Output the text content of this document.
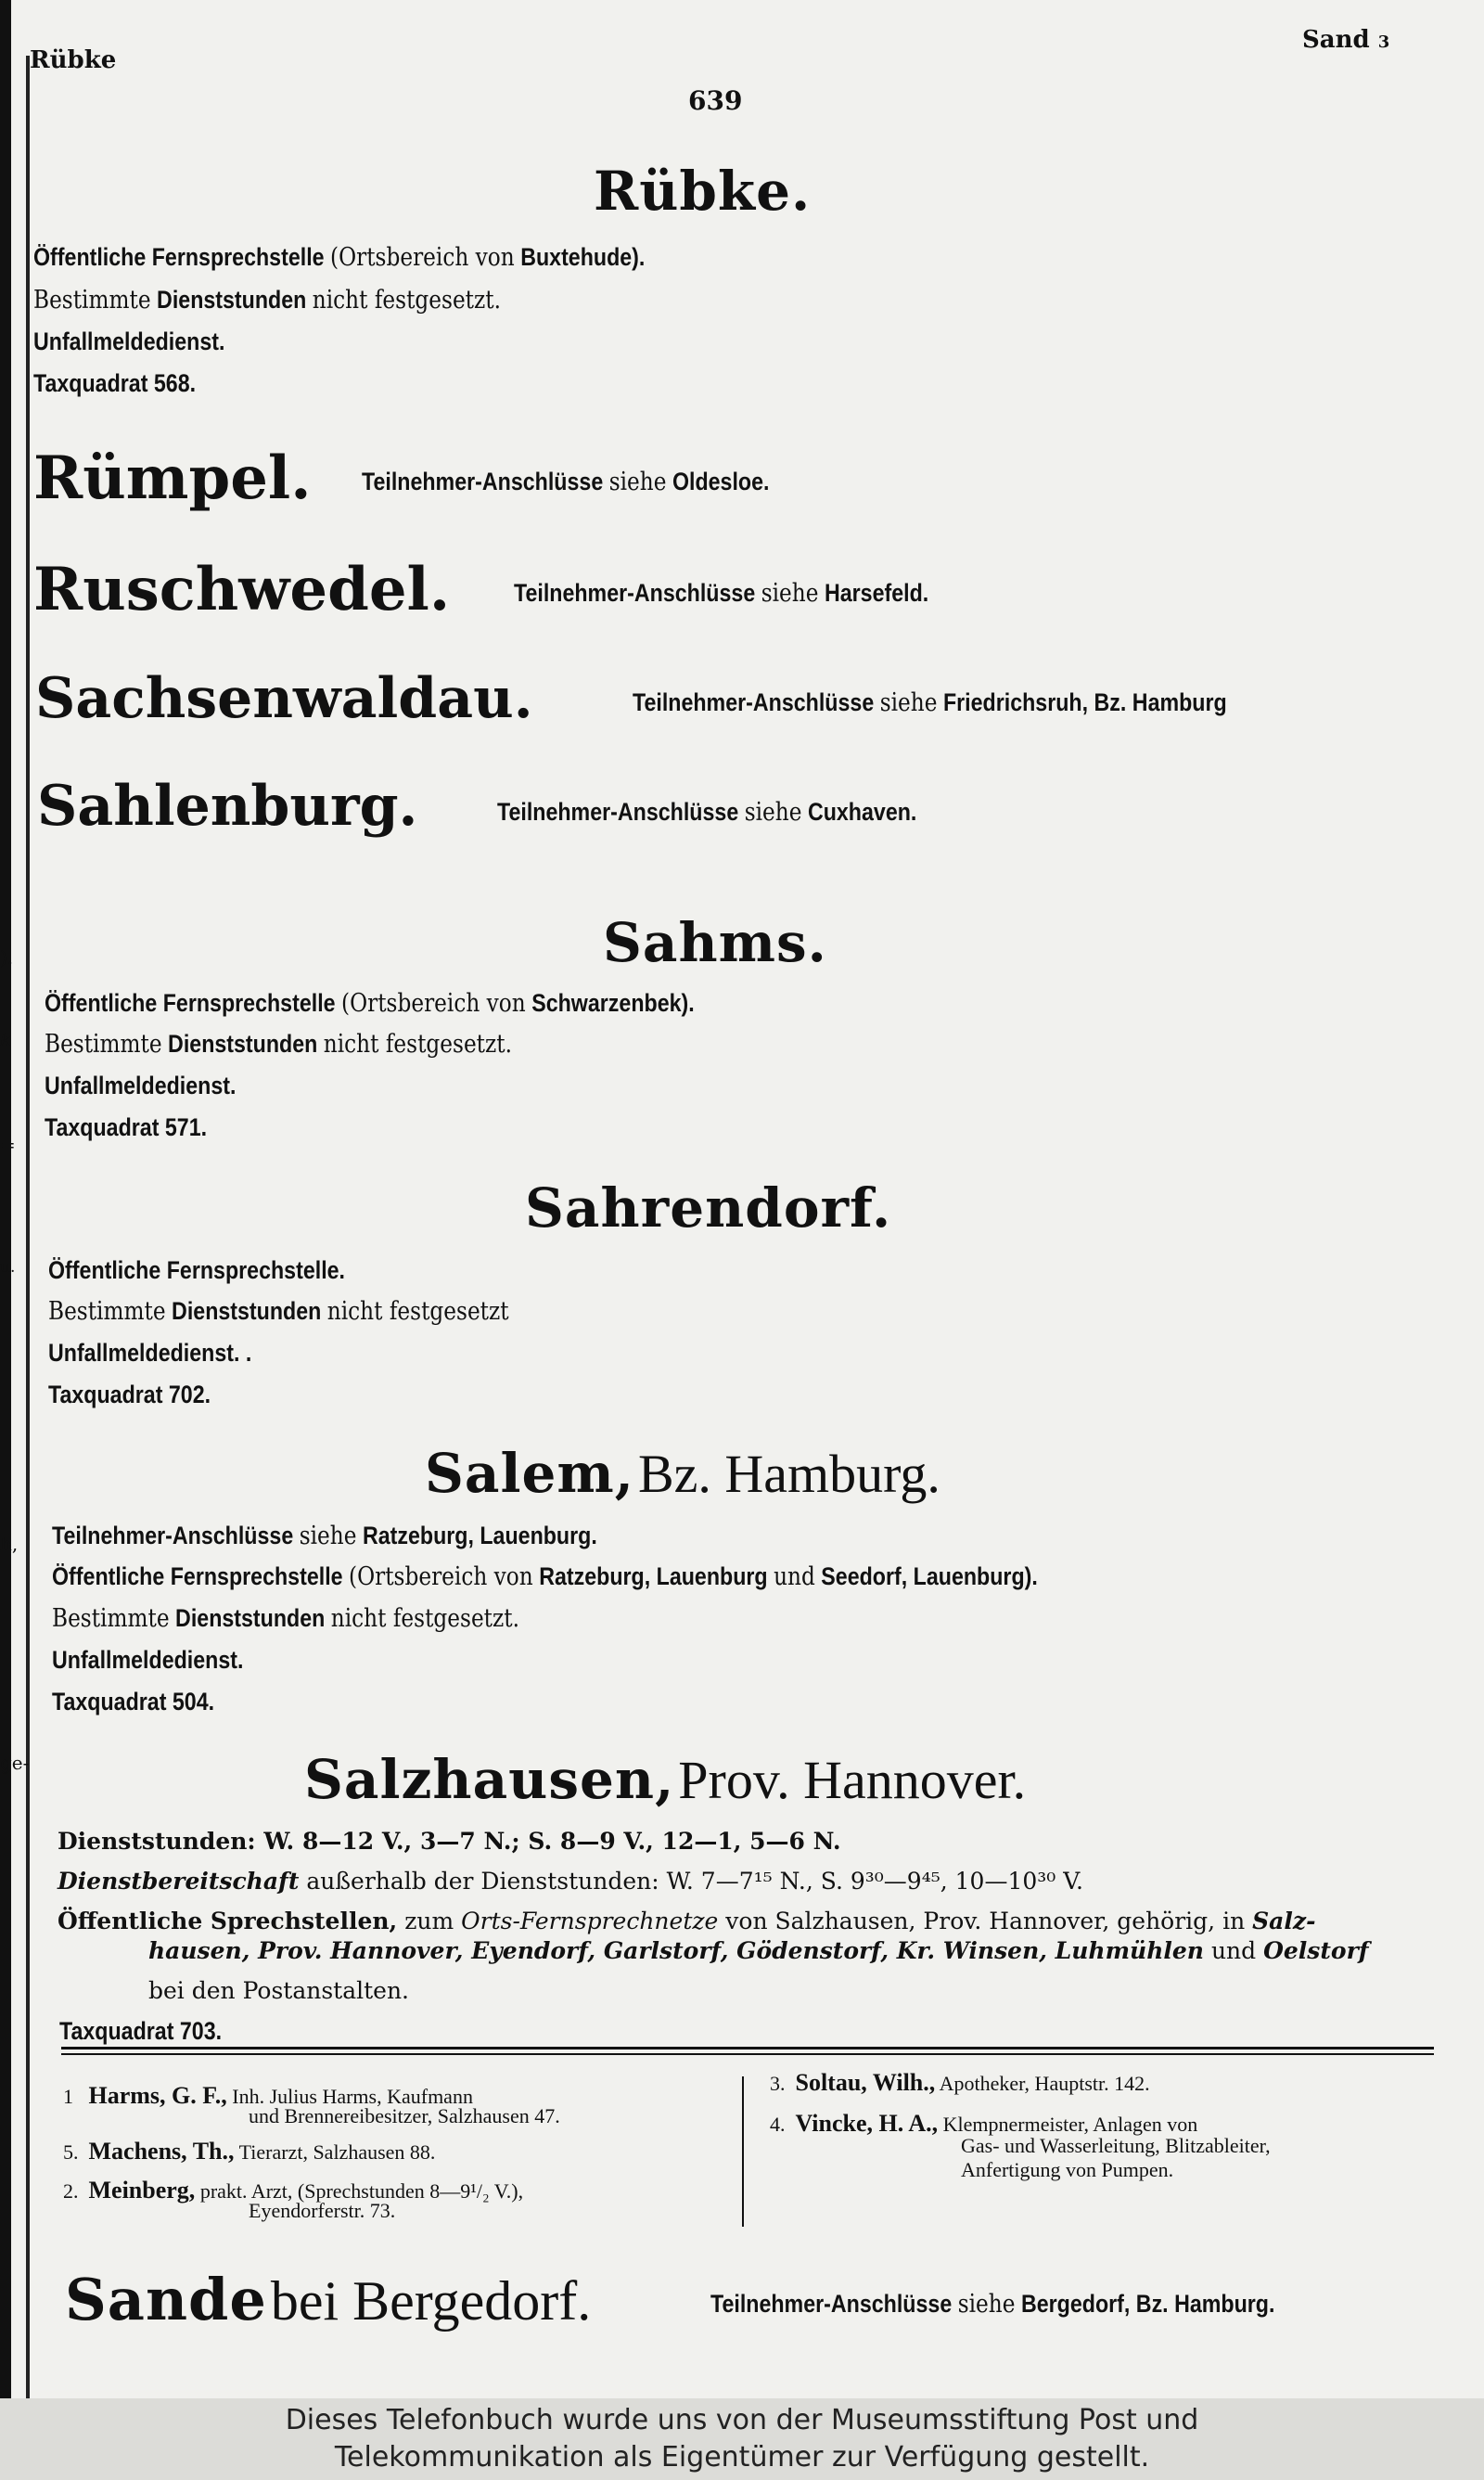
).
k
=
u.
h,
ge-
Rübke
Sand 3
639
Rübke.
Öffentliche Fernsprechstelle (Ortsbereich von Buxtehude).
Bestimmte Dienststunden nicht festgesetzt.
Unfallmeldedienst.
Taxquadrat 568.
Rümpel. Teilnehmer-Anschlüsse siehe Oldesloe.
Ruschwedel.	Teilnehmer-Anschlüsse siehe Harsefeld.
Sachsenwaldau.	Teilnehmer-Anschlüsse siehe Friedrichsruh, Bz. Hamburg
Sahlenburg.	Teilnehmer-Anschlüsse siehe Cuxhaven.
Sahms.
Öffentliche Fernsprechstelle (Ortsbereich von Schwarzenbek).
Bestimmte Dienststunden nicht festgesetzt.
Unfallmeldedienst.
Taxquadrat 571.
Sahrendorf.
Öffentliche Fernsprechstelle.
Bestimmte Dienststunden nicht festgesetzt
Unfallmeldedienst. .
Taxquadrat 702.
Salem, Bz. Hamburg.
Teilnehmer-Anschlüsse siehe Ratzeburg, Lauenburg.
Öffentliche Fernsprechstelle (Ortsbereich von Ratzeburg, Lauenburg und Seedorf, Lauenburg).
Bestimmte Dienststunden nicht festgesetzt.
Unfallmeldedienst.
Taxquadrat 504.
Salzhausen, Prov. Hannover.
Dienststunden: W. 8—12 V., 3—7 N.; S. 8—9 V., 12—1, 5—6 N.
Dienstbereitschaft außerhalb der Dienststunden: W. 7—7¹⁵ N., S. 9³⁰—9⁴⁵, 10—10³⁰ V.
Öffentliche Sprechstellen, zum Orts-Fernsprechnetze von Salzhausen, Prov. Hannover, gehörig, in Salz-
hausen, Prov. Hannover, Eyendorf, Garlstorf, Gödenstorf, Kr. Winsen, Luhmühlen und Oelstorf
bei den Postanstalten.
Taxquadrat 703.
1 Harms, G. F., Inh. Julius Harms, Kaufmann
und Brennereibesitzer, Salzhausen 47.
5. Machens, Th., Tierarzt, Salzhausen 88.
2. Meinberg, prakt. Arzt, (Sprechstunden 8—9¹/₂ V.),
Eyendorferstr. 73.
3. Soltau, Wilh., Apotheker, Hauptstr. 142.
4. Vincke, H. A., Klempnermeister, Anlagen von
Gas- und Wasserleitung, Blitzableiter,
Anfertigung von Pumpen.
Sande bei Bergedorf.	Teilnehmer-Anschlüsse siehe Bergedorf, Bz. Hamburg.
Dieses Telefonbuch wurde uns von der Museumsstiftung Post und
Telekommunikation als Eigentümer zur Verfügung gestellt.
